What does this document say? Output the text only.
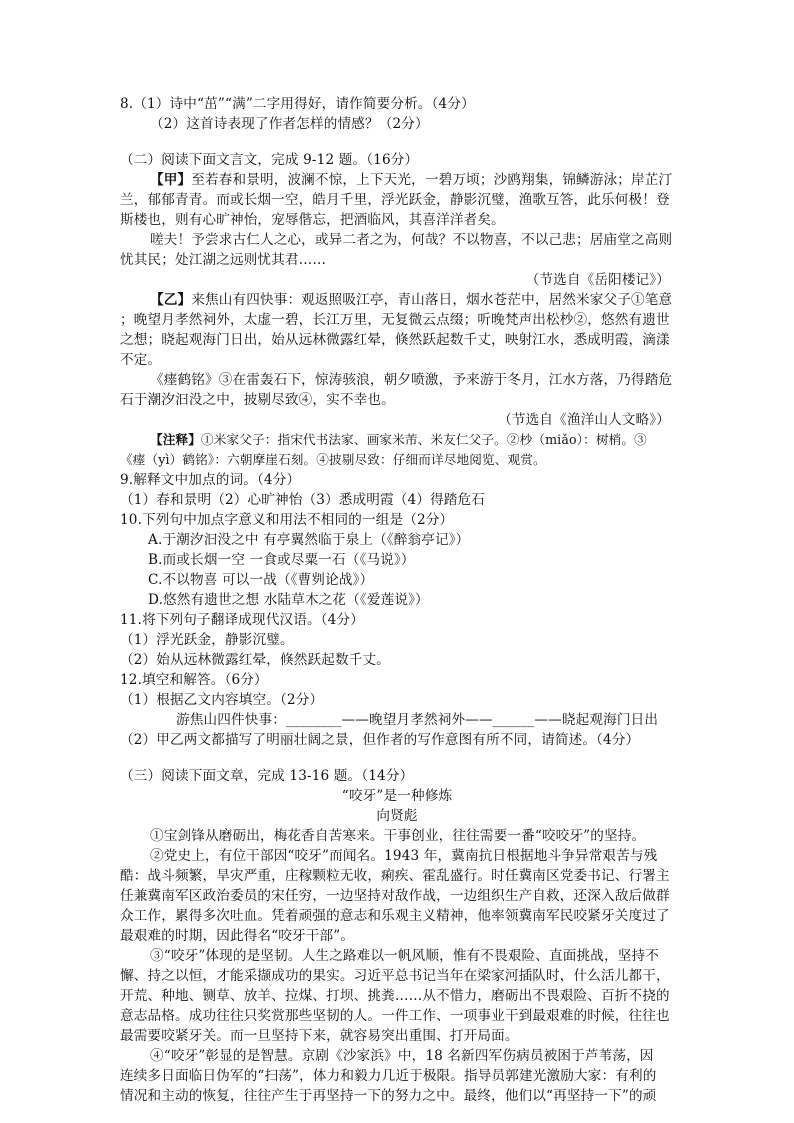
8.（1）诗中“茁”“满”二字用得好，请作简要分析。（4分）
（2）这首诗表现了作者怎样的情感？（2分）
（二）阅读下面文言文，完成 9-12 题。（16分）
【甲】至若春和景明，波澜不惊，上下天光，一碧万顷；沙鸥翔集，锦鳞游泳；岸芷汀
兰，郁郁青青。而或长烟一空，皓月千里，浮光跃金，静影沉璧，渔歌互答，此乐何极！登
斯楼也，则有心旷神怡，宠辱偕忘，把酒临风，其喜洋洋者矣。
嗟夫！予尝求古仁人之心，或异二者之为，何哉？不以物喜，不以己悲；居庙堂之高则
忧其民；处江湖之远则忧其君……
（节选自《岳阳楼记》）
【乙】来焦山有四快事：观返照吸江亭，青山落日，烟水苍茫中，居然米家父子①笔意
；晚望月孝然祠外，太虚一碧，长江万里，无复微云点缀；听晚梵声出松杪②，悠然有遗世
之想；晓起观海门日出，始从远林微露红晕，倏然跃起数千丈，映射江水，悉成明霞，滴漾
不定。
《瘗鹤铭》③在雷轰石下，惊涛骇浪，朝夕喷激，予来游于冬月，江水方落，乃得踏危
石于潮汐汩没之中，披剔尽致④，实不幸也。
（节选自《渔洋山人文略》）
【注释】①米家父子：指宋代书法家、画家米芾、米友仁父子。②杪（miǎo）：树梢。③
《瘗（yì）鹤铭》：六朝摩崖石刻。④披剔尽致：仔细而详尽地阅览、观赏。
9.解释文中加点的词。（4分）
（1）春和景明（2）心旷神怡（3）悉成明霞（4）得踏危石
10.下列句中加点字意义和用法不相同的一组是（2分）
A.于潮汐汩没之中 有亭翼然临于泉上（《醉翁亭记》）
B.而或长烟一空 一食或尽粟一石（《马说》）
C.不以物喜 可以一战（《曹刿论战》）
D.悠然有遗世之想 水陆草木之花（《爱莲说》）
11.将下列句子翻译成现代汉语。（4分）
（1）浮光跃金，静影沉璧。
（2）始从远林微露红晕，倏然跃起数千丈。
12.填空和解答。（6分）
（1）根据乙文内容填空。（2分）
游焦山四件快事：________——晚望月孝然祠外——______——晓起观海门日出
（2）甲乙两文都描写了明丽壮阔之景，但作者的写作意图有所不同，请简述。（4分）
（三）阅读下面文章，完成 13-16 题。（14分）
“咬牙”是一种修炼
向贤彪
①宝剑锋从磨砺出，梅花香自苦寒来。干事创业，往往需要一番“咬咬牙”的坚持。
②党史上，有位干部因“咬牙”而闻名。1943 年，冀南抗日根据地斗争异常艰苦与残
酷：战斗频繁，旱灾严重，庄稼颗粒无收，痢疾、霍乱盛行。时任冀南区党委书记、行署主
任兼冀南军区政治委员的宋任穷，一边坚持对敌作战，一边组织生产自救，还深入敌后做群
众工作，累得多次吐血。凭着顽强的意志和乐观主义精神，他率领冀南军民咬紧牙关度过了
最艰难的时期，因此得名“咬牙干部”。
③“咬牙”体现的是坚韧。人生之路难以一帆风顺，惟有不畏艰险、直面挑战，坚持不
懈、持之以恒，才能采撷成功的果实。习近平总书记当年在梁家河插队时，什么活儿都干，
开荒、种地、铡草、放羊、拉煤、打坝、挑粪……从不惜力，磨砺出不畏艰险、百折不挠的
意志品格。成功往往只奖赏那些坚韧的人。一件工作、一项事业干到最艰难的时候，往往也
最需要咬紧牙关。而一旦坚持下来，就容易突出重围、打开局面。
④“咬牙”彰显的是智慧。京剧《沙家浜》中，18 名新四军伤病员被困于芦苇荡，因
连续多日面临日伪军的“扫荡”，体力和毅力几近于极限。指导员郭建光激励大家：有利的
情况和主动的恢复，往往产生于再坚持一下的努力之中。最终，他们以“再坚持一下”的顽
